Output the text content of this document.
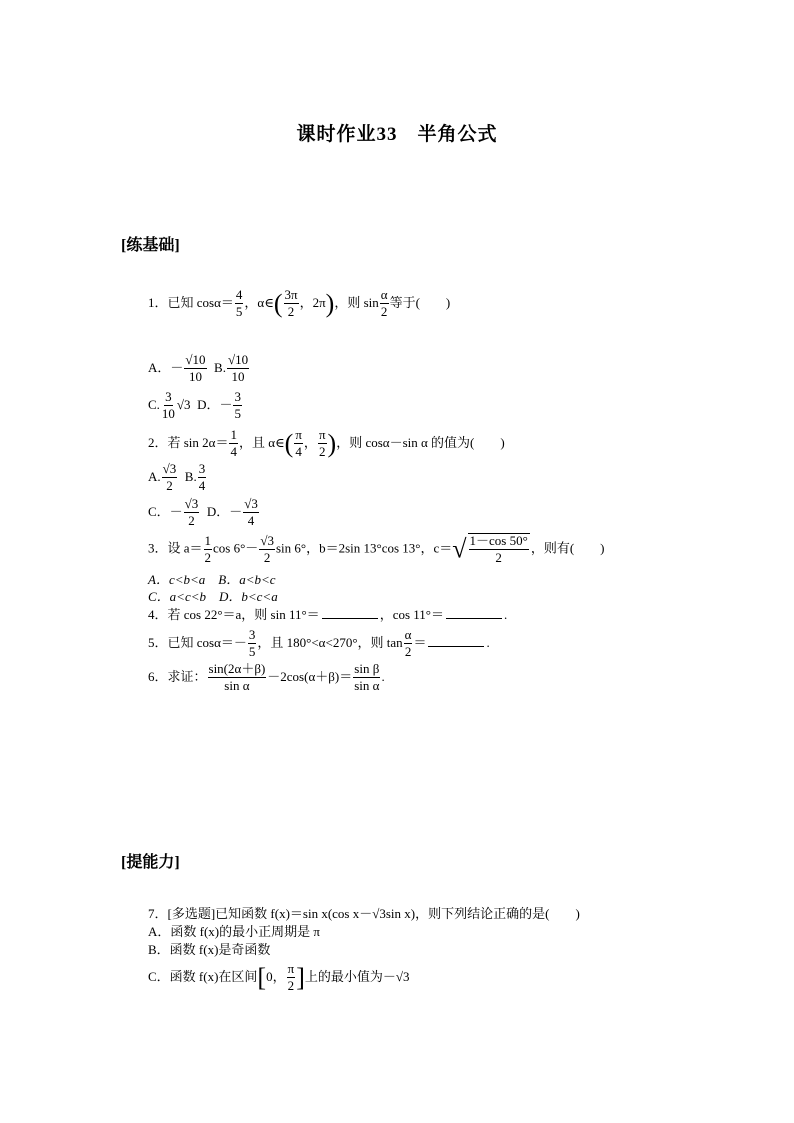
课时作业33　半角公式
[练基础]
1．已知 $\cos\alpha= \frac{4}{5}$ ，α∈( $\frac{3\pi}{2}$ ，2π)，则 $\sin \frac{\alpha}{2}$ 等于(　　)
A．－ $\frac{√10}{10} B$. $\frac{√10}{10}$
C. $\frac{3}{10} √3$ D．－ $\frac{3}{5}$
2．若 $\sin 2\alpha= \frac{1}{4}$ ，且 α∈( $\frac{\pi}{4}$ ， $\frac{\pi}{2}$ )，则 cosα－sin α 的值为(　　)
A. $\frac{√3}{2} B$. $\frac{3}{4}$
C．－ $\frac{√3}{2}$ D．－ $\frac{√3}{4}$
3．设 $a= \frac{1}{2}$ $\cos 6^\circ- \frac{√3}{2}$ sin 6°，b＝2sin 13°cos 13°，$c=√ \frac{1-\cos 50^\circ}{2}$ ，则有(　　)
A．c<b<a　B．a<b<c
C．a<c<b　D．b<c<a
4．若 cos 22°＝a，则 sin 11°＝	，cos 11°＝	.
5．已知 $\cos\alpha=- \frac{3}{5}$ ，且 180°<α<270°，则 $\tan \frac{\alpha}{2}$ ＝	.
6．求证： $\frac{\sin(2\alpha+\beta)}{\text{sin α}} -2\cos(\alpha+\beta)= \frac{\text{sin β}}{\text{sin α}}$ .
[提能力]
7．[多选题]已知函数 f(x)＝sin x(cos x－√3sin x)，则下列结论正确的是(　　)
A．函数 f(x)的最小正周期是 π
B．函数 f(x)是奇函数
C．函数 f(x)在区间[0， $\frac{\pi}{2}$ ]上的最小值为－√3
